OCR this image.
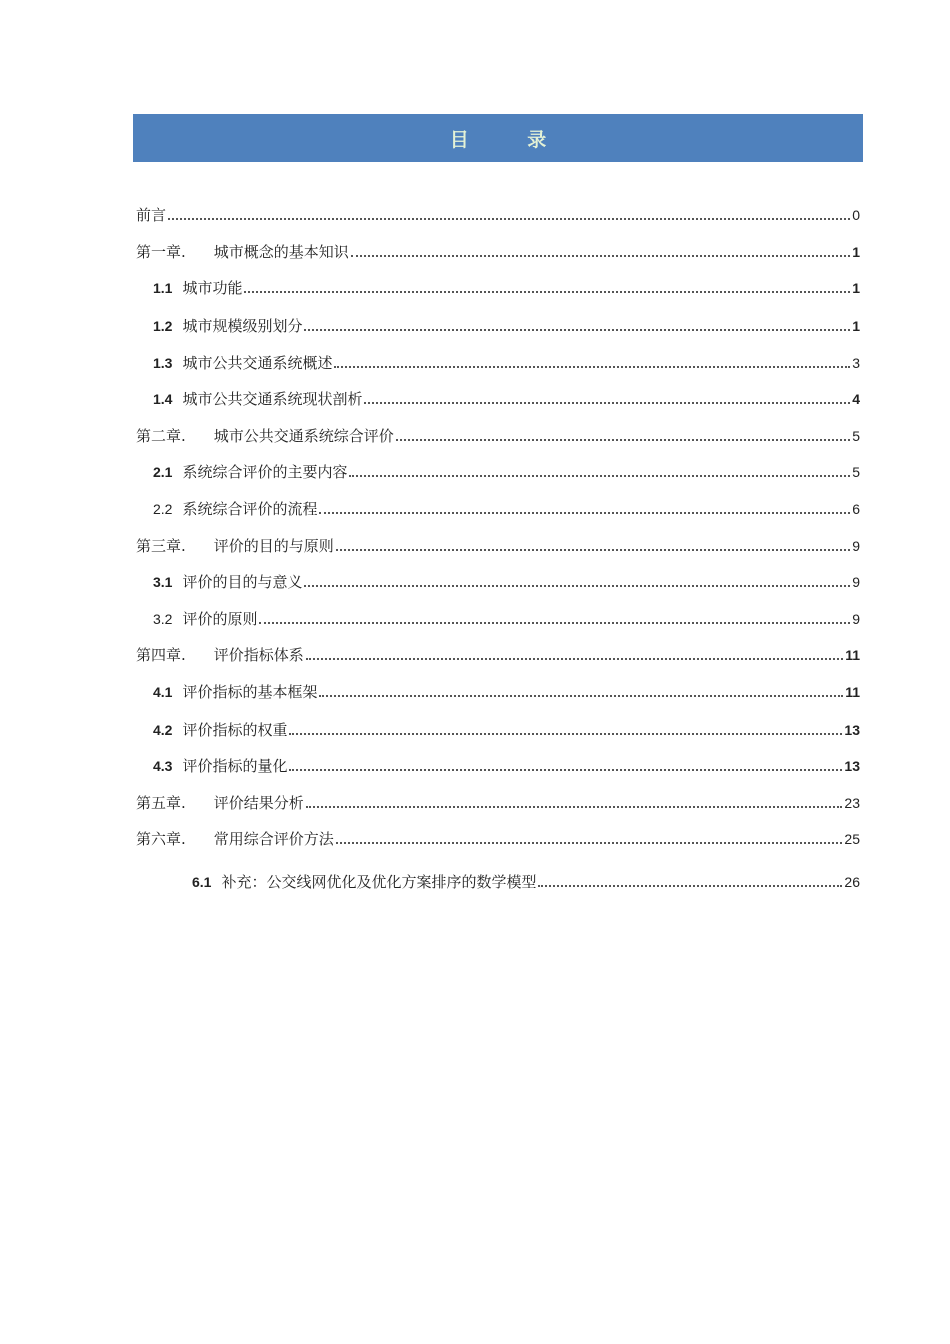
目 录
前言	0
第一章. 城市概念的基本知识	1
1.1 城市功能	1
1.2 城市规模级别划分	1
1.3 城市公共交通系统概述	3
1.4 城市公共交通系统现状剖析	4
第二章. 城市公共交通系统综合评价	5
2.1 系统综合评价的主要内容	5
2.2 系统综合评价的流程	6
第三章. 评价的目的与原则	9
3.1 评价的目的与意义	9
3.2 评价的原则	9
第四章. 评价指标体系	11
4.1 评价指标的基本框架	11
4.2 评价指标的权重	13
4.3 评价指标的量化	13
第五章. 评价结果分析	23
第六章. 常用综合评价方法	25
6.1 补充：公交线网优化及优化方案排序的数学模型	26
